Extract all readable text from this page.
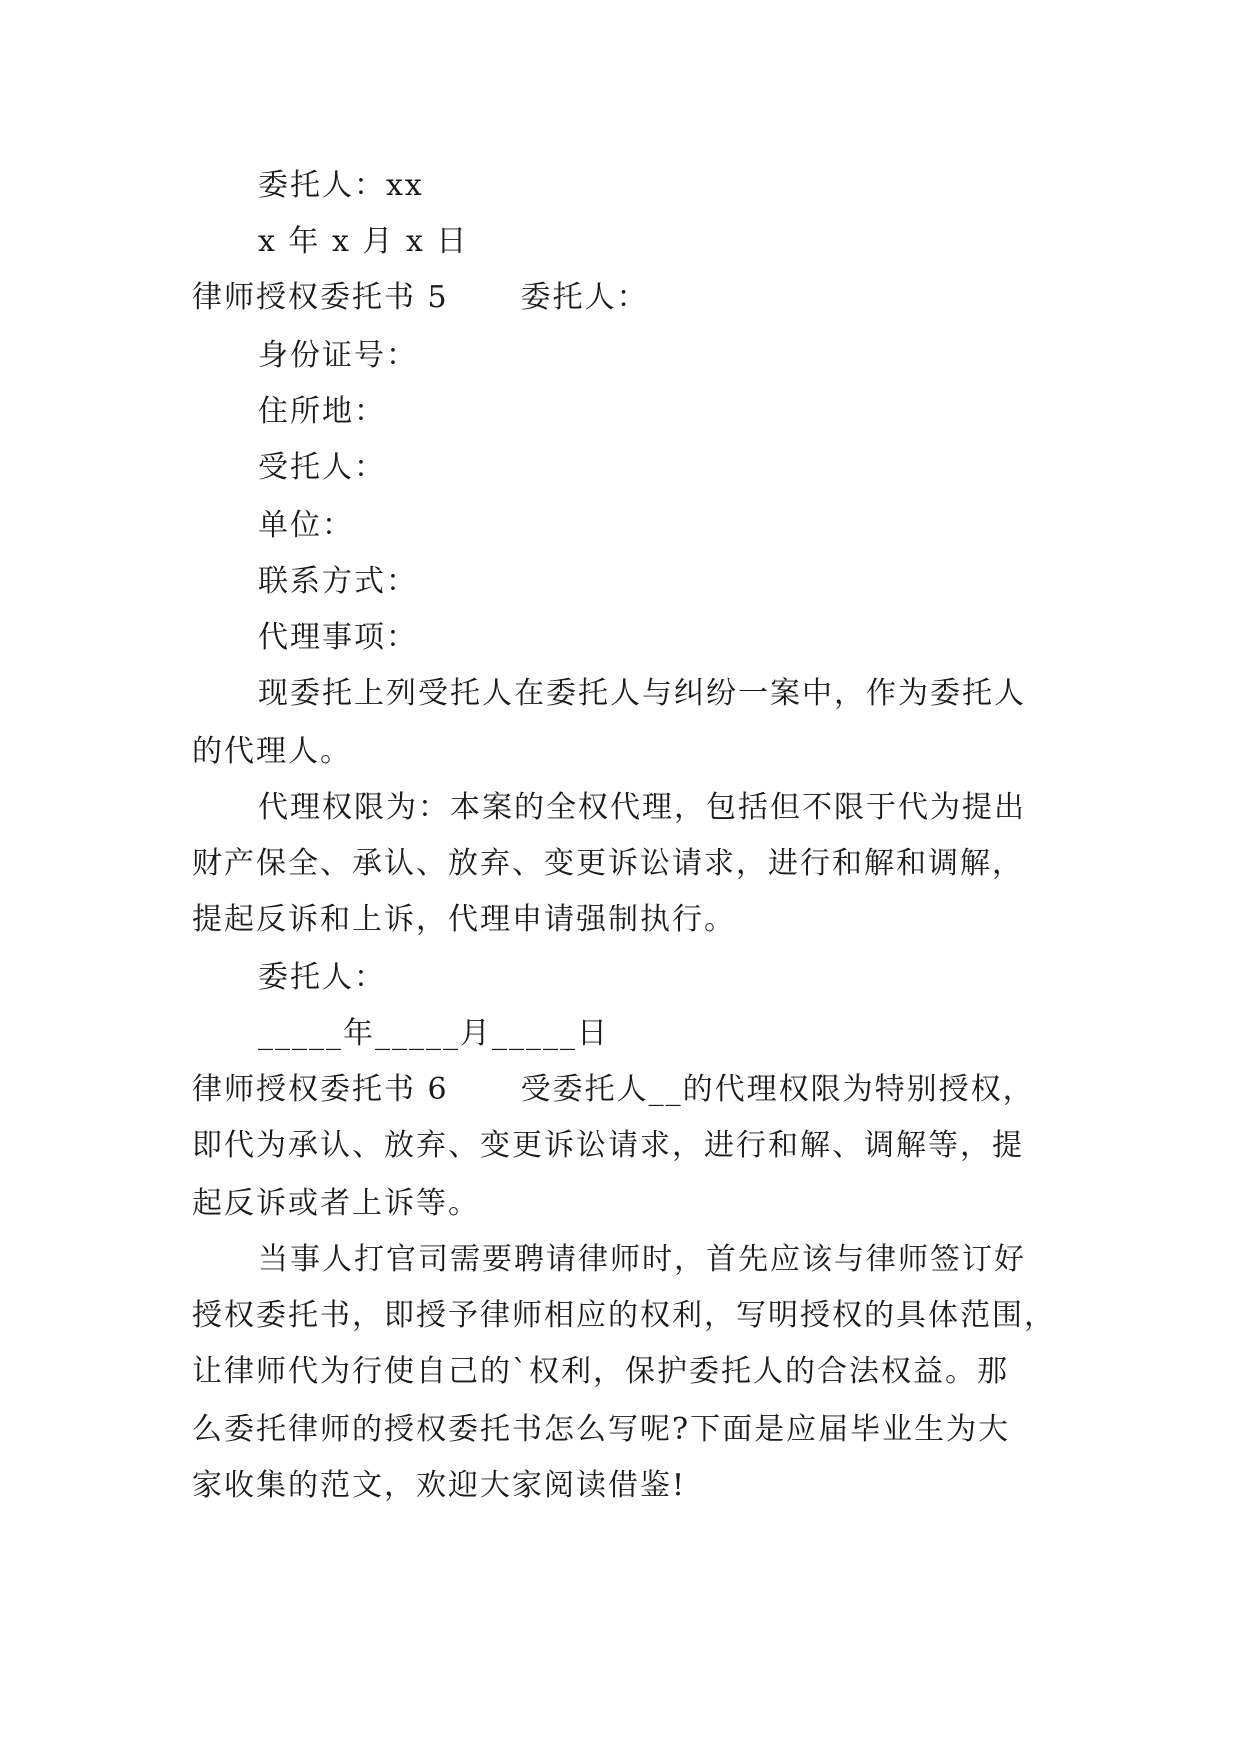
委托人：xx
x 年 x 月 x 日
律师授权委托书 5 委托人：
身份证号：
住所地：
受托人：
单位：
联系方式：
代理事项：
现委托上列受托人在委托人与纠纷一案中，作为委托人
的代理人。
代理权限为：本案的全权代理，包括但不限于代为提出
财产保全、承认、放弃、变更诉讼请求，进行和解和调解，
提起反诉和上诉，代理申请强制执行。
委托人：
_____年_____月_____日
律师授权委托书 6 受委托人__的代理权限为特别授权，
即代为承认、放弃、变更诉讼请求，进行和解、调解等，提
起反诉或者上诉等。
当事人打官司需要聘请律师时，首先应该与律师签订好
授权委托书，即授予律师相应的权利，写明授权的具体范围，
让律师代为行使自己的`权利，保护委托人的合法权益。那
么委托律师的授权委托书怎么写呢?下面是应届毕业生为大
家收集的范文，欢迎大家阅读借鉴!
